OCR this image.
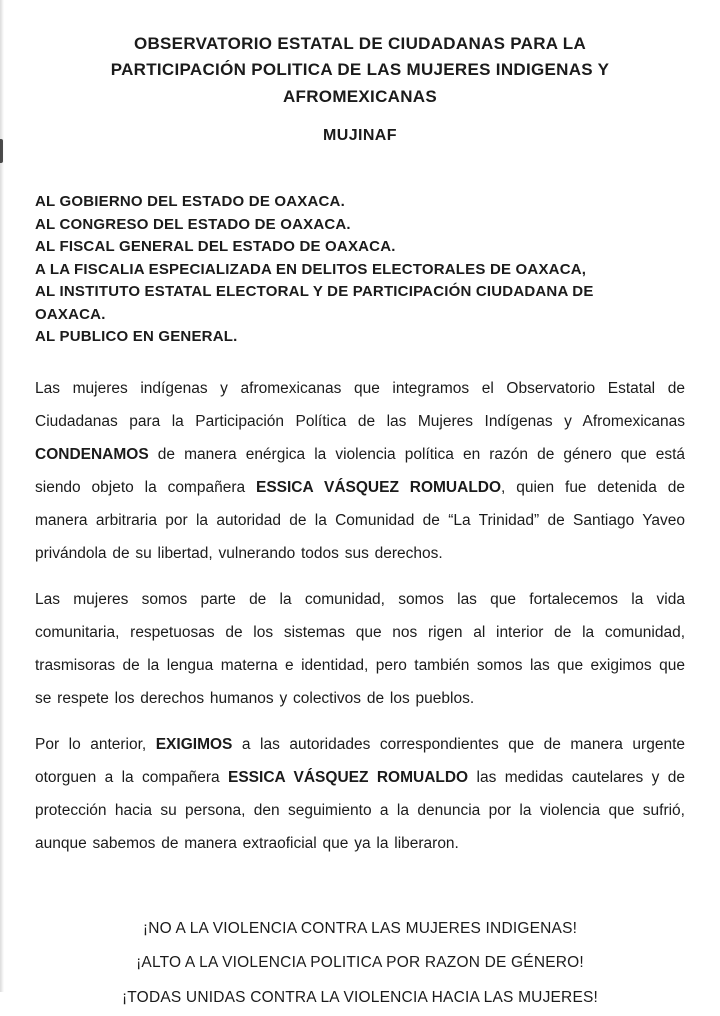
OBSERVATORIO ESTATAL DE CIUDADANAS PARA LA
PARTICIPACIÓN POLITICA DE LAS MUJERES INDIGENAS Y
AFROMEXICANAS
MUJINAF
AL GOBIERNO DEL ESTADO DE OAXACA.
AL CONGRESO DEL ESTADO DE OAXACA.
AL FISCAL GENERAL DEL ESTADO DE OAXACA.
A LA FISCALIA ESPECIALIZADA EN DELITOS ELECTORALES DE OAXACA,
AL INSTITUTO ESTATAL ELECTORAL Y DE PARTICIPACIÓN CIUDADANA DE
OAXACA.
AL PUBLICO EN GENERAL.

Las mujeres indígenas y afromexicanas que integramos el Observatorio Estatal de Ciudadanas para la Participación Política de las Mujeres Indígenas y Afromexicanas CONDENAMOS de manera enérgica la violencia política en razón de género que está siendo objeto la compañera ESSICA VÁSQUEZ ROMUALDO, quien fue detenida de manera arbitraria por la autoridad de la Comunidad de “La Trinidad” de Santiago Yaveo privándola de su libertad, vulnerando todos sus derechos.

Las mujeres somos parte de la comunidad, somos las que fortalecemos la vida comunitaria, respetuosas de los sistemas que nos rigen al interior de la comunidad, trasmisoras de la lengua materna e identidad, pero también somos las que exigimos que se respete los derechos humanos y colectivos de los pueblos.

Por lo anterior, EXIGIMOS a las autoridades correspondientes que de manera urgente otorguen a la compañera ESSICA VÁSQUEZ ROMUALDO las medidas cautelares y de protección hacia su persona, den seguimiento a la denuncia por la violencia que sufrió, aunque sabemos de manera extraoficial que ya la liberaron.

¡NO A LA VIOLENCIA CONTRA LAS MUJERES INDIGENAS!
¡ALTO A LA VIOLENCIA POLITICA POR RAZON DE GÉNERO!
¡TODAS UNIDAS CONTRA LA VIOLENCIA HACIA LAS MUJERES!
